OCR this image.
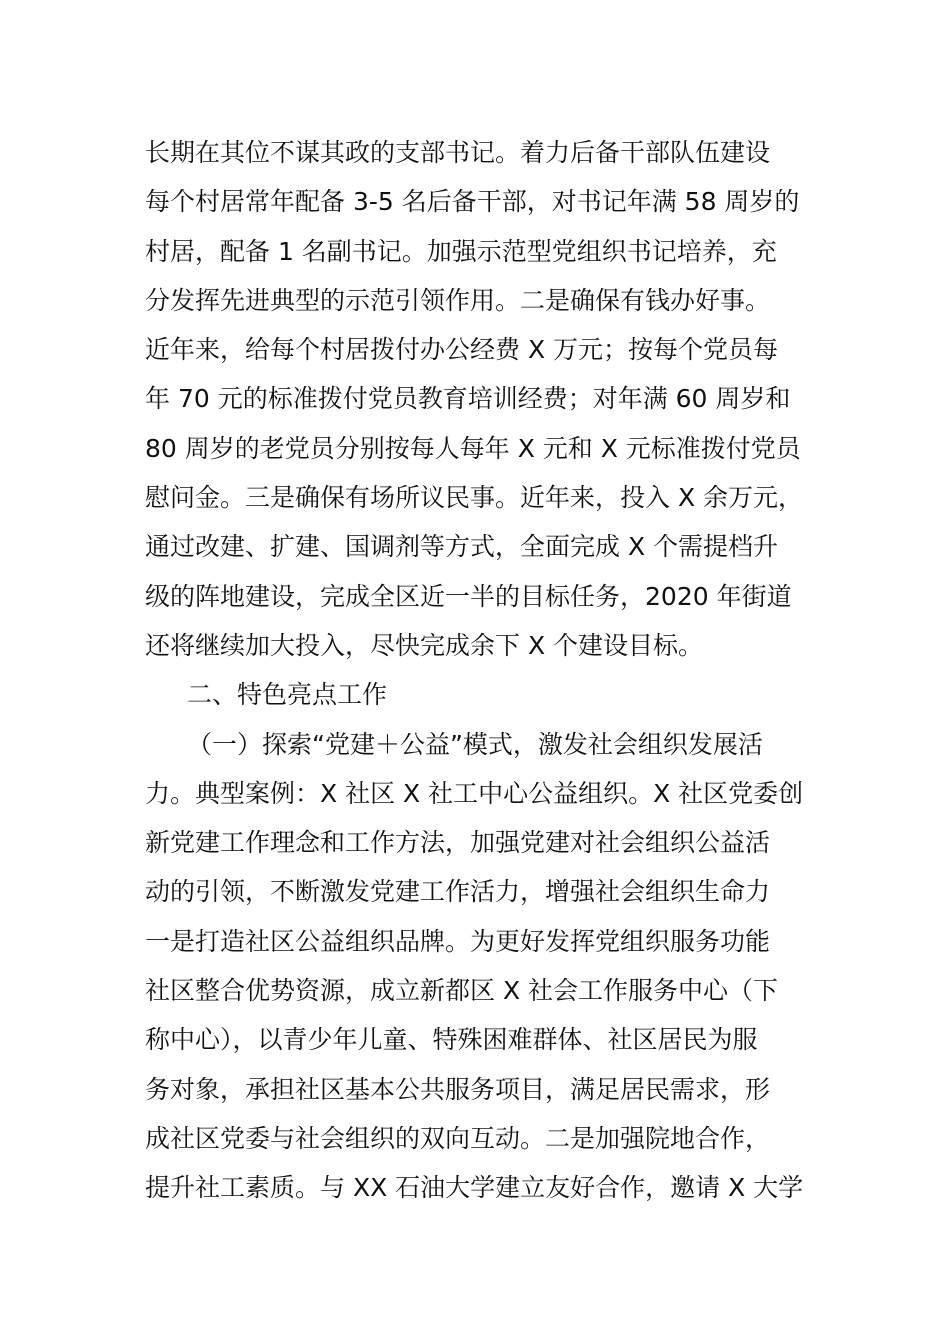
长期在其位不谋其政的支部书记。着力后备干部队伍建设
每个村居常年配备 3-5 名后备干部，对书记年满 58 周岁的
村居，配备 1 名副书记。加强示范型党组织书记培养，充
分发挥先进典型的示范引领作用。二是确保有钱办好事。
近年来，给每个村居拨付办公经费 X 万元；按每个党员每
年 70 元的标准拨付党员教育培训经费；对年满 60 周岁和
80 周岁的老党员分别按每人每年 X 元和 X 元标准拨付党员
慰问金。三是确保有场所议民事。近年来，投入 X 余万元，
通过改建、扩建、国调剂等方式，全面完成 X 个需提档升
级的阵地建设，完成全区近一半的目标任务，2020 年街道
还将继续加大投入，尽快完成余下 X 个建设目标。
二、特色亮点工作
（一）探索“党建＋公益”模式，激发社会组织发展活
力。典型案例：X 社区 X 社工中心公益组织。X 社区党委创
新党建工作理念和工作方法，加强党建对社会组织公益活
动的引领，不断激发党建工作活力，增强社会组织生命力
一是打造社区公益组织品牌。为更好发挥党组织服务功能
社区整合优势资源，成立新都区 X 社会工作服务中心（下
称中心），以青少年儿童、特殊困难群体、社区居民为服
务对象，承担社区基本公共服务项目，满足居民需求，形
成社区党委与社会组织的双向互动。二是加强院地合作，
提升社工素质。与 XX 石油大学建立友好合作，邀请 X 大学
